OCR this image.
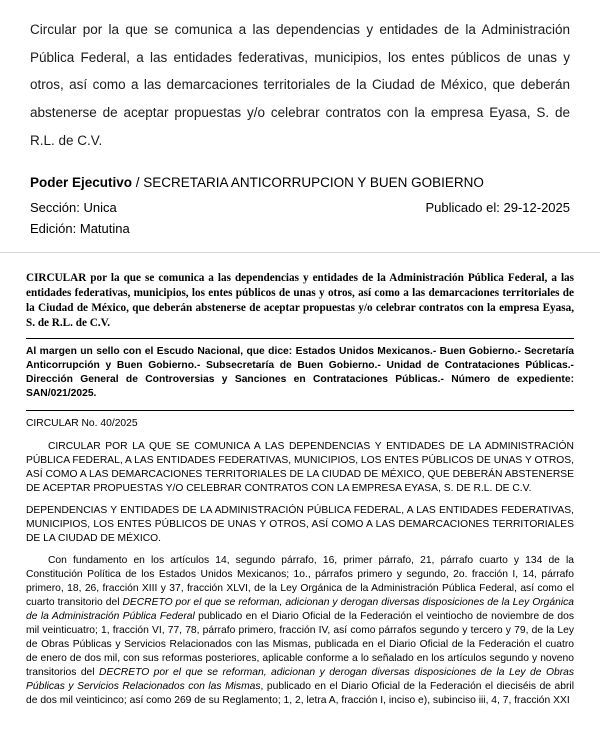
Circular por la que se comunica a las dependencias y entidades de la Administración Pública Federal, a las entidades federativas, municipios, los entes públicos de unas y otros, así como a las demarcaciones territoriales de la Ciudad de México, que deberán abstenerse de aceptar propuestas y/o celebrar contratos con la empresa Eyasa, S. de R.L. de C.V.

Poder Ejecutivo / SECRETARIA ANTICORRUPCION Y BUEN GOBIERNO
Sección: Unica	Publicado el: 29-12-2025
Edición: Matutina

CIRCULAR por la que se comunica a las dependencias y entidades de la Administración Pública Federal, a las entidades federativas, municipios, los entes públicos de unas y otros, así como a las demarcaciones territoriales de la Ciudad de México, que deberán abstenerse de aceptar propuestas y/o celebrar contratos con la empresa Eyasa, S. de R.L. de C.V.

Al margen un sello con el Escudo Nacional, que dice: Estados Unidos Mexicanos.- Buen Gobierno.- Secretaría Anticorrupción y Buen Gobierno.- Subsecretaría de Buen Gobierno.- Unidad de Contrataciones Públicas.- Dirección General de Controversias y Sanciones en Contrataciones Públicas.- Número de expediente: SAN/021/2025.

CIRCULAR No. 40/2025

CIRCULAR POR LA QUE SE COMUNICA A LAS DEPENDENCIAS Y ENTIDADES DE LA ADMINISTRACIÓN PÚBLICA FEDERAL, A LAS ENTIDADES FEDERATIVAS, MUNICIPIOS, LOS ENTES PÚBLICOS DE UNAS Y OTROS, ASÍ COMO A LAS DEMARCACIONES TERRITORIALES DE LA CIUDAD DE MÉXICO, QUE DEBERÁN ABSTENERSE DE ACEPTAR PROPUESTAS Y/O CELEBRAR CONTRATOS CON LA EMPRESA EYASA, S. DE R.L. DE C.V.

DEPENDENCIAS Y ENTIDADES DE LA ADMINISTRACIÓN PÚBLICA FEDERAL, A LAS ENTIDADES FEDERATIVAS, MUNICIPIOS, LOS ENTES PÚBLICOS DE UNAS Y OTROS, ASÍ COMO A LAS DEMARCACIONES TERRITORIALES DE LA CIUDAD DE MÉXICO.

Con fundamento en los artículos 14, segundo párrafo, 16, primer párrafo, 21, párrafo cuarto y 134 de la Constitución Política de los Estados Unidos Mexicanos; 1o., párrafos primero y segundo, 2o. fracción I, 14, párrafo primero, 18, 26, fracción XIII y 37, fracción XLVI, de la Ley Orgánica de la Administración Pública Federal, así como el cuarto transitorio del DECRETO por el que se reforman, adicionan y derogan diversas disposiciones de la Ley Orgánica de la Administración Pública Federal publicado en el Diario Oficial de la Federación el veintiocho de noviembre de dos mil veinticuatro; 1, fracción VI, 77, 78, párrafo primero, fracción IV, así como párrafos segundo y tercero y 79, de la Ley de Obras Públicas y Servicios Relacionados con las Mismas, publicada en el Diario Oficial de la Federación el cuatro de enero de dos mil, con sus reformas posteriores, aplicable conforme a lo señalado en los artículos segundo y noveno transitorios del DECRETO por el que se reforman, adicionan y derogan diversas disposiciones de la Ley de Obras Públicas y Servicios Relacionados con las Mismas, publicado en el Diario Oficial de la Federación el dieciséis de abril de dos mil veinticinco; así como 269 de su Reglamento; 1, 2, letra A, fracción I, inciso e), subinciso iii, 4, 7, fracción XXI
